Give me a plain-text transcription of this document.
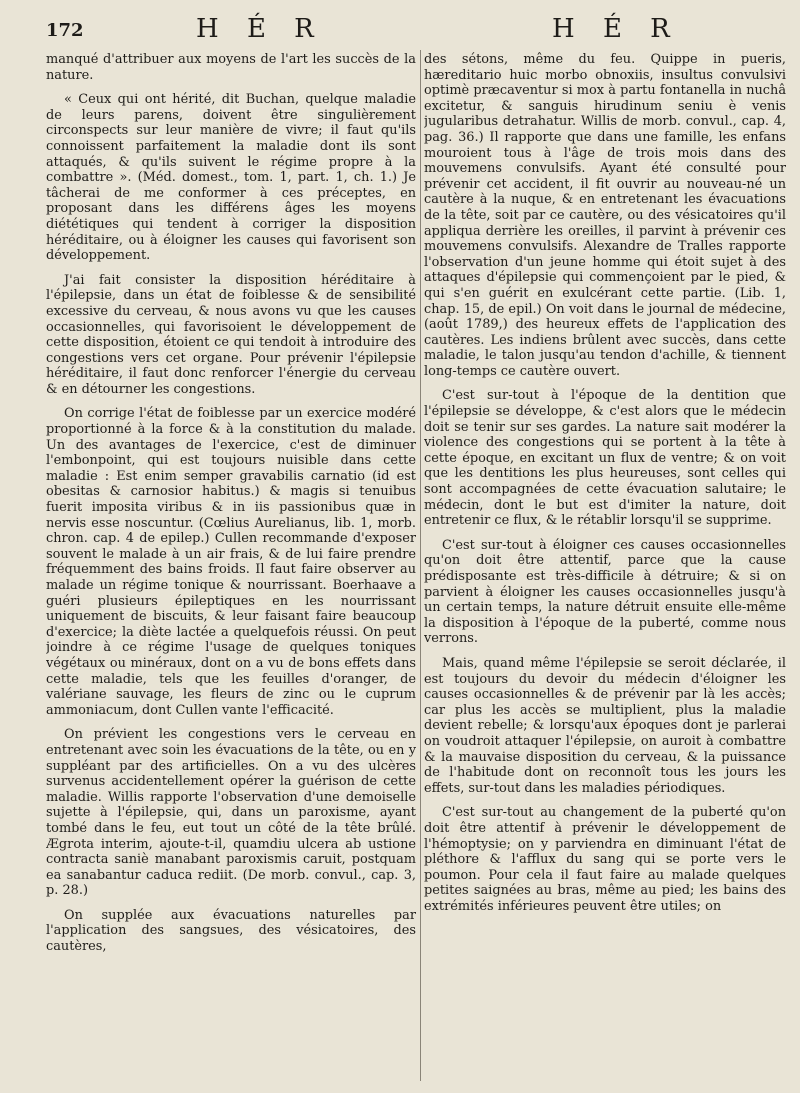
172	H É R	H É R

manqué d'attribuer aux moyens de l'art les succès de la nature.

« Ceux qui ont hérité, dit Buchan, quelque maladie de leurs parens, doivent être singulièrement circonspects sur leur manière de vivre; il faut qu'ils connoissent parfaitement la maladie dont ils sont attaqués, & qu'ils suivent le régime propre à la combattre ». (Méd. domest., tom. 1, part. 1, ch. 1.) Je tâcherai de me conformer à ces préceptes, en proposant dans les différens âges les moyens diététiques qui tendent à corriger la disposition héréditaire, ou à éloigner les causes qui favorisent son développement.

J'ai fait consister la disposition héréditaire à l'épilepsie, dans un état de foiblesse & de sensibilité excessive du cerveau, & nous avons vu que les causes occasionnelles, qui favorisoient le développement de cette disposition, étoient ce qui tendoit à introduire des congestions vers cet organe. Pour prévenir l'épilepsie héréditaire, il faut donc renforcer l'énergie du cerveau & en détourner les congestions.

On corrige l'état de foiblesse par un exercice modéré proportionné à la force & à la constitution du malade. Un des avantages de l'exercice, c'est de diminuer l'embonpoint, qui est toujours nuisible dans cette maladie : Est enim semper gravabilis carnatio (id est obesitas & carnosior habitus.) & magis si tenuibus fuerit imposita viribus & in iis passionibus quæ in nervis esse noscuntur. (Cœlius Aurelianus, lib. 1, morb. chron. cap. 4 de epilep.) Cullen recommande d'exposer souvent le malade à un air frais, & de lui faire prendre fréquemment des bains froids. Il faut faire observer au malade un régime tonique & nourrissant. Boerhaave a guéri plusieurs épileptiques en les nourrissant uniquement de biscuits, & leur faisant faire beaucoup d'exercice; la diète lactée a quelquefois réussi. On peut joindre à ce régime l'usage de quelques toniques végétaux ou minéraux, dont on a vu de bons effets dans cette maladie, tels que les feuilles d'oranger, de valériane sauvage, les fleurs de zinc ou le cuprum ammoniacum, dont Cullen vante l'efficacité.

On prévient les congestions vers le cerveau en entretenant avec soin les évacuations de la tête, ou en y suppléant par des artificielles. On a vu des ulcères survenus accidentellement opérer la guérison de cette maladie. Willis rapporte l'observation d'une demoiselle sujette à l'épilepsie, qui, dans un paroxisme, ayant tombé dans le feu, eut tout un côté de la tête brûlé. Ægrota interim, ajoute-t-il, quamdiu ulcera ab ustione contracta saniè manabant paroxismis caruit, postquam ea sanabantur caduca rediit. (De morb. convul., cap. 3, p. 28.)

On supplée aux évacuations naturelles par l'application des sangsues, des vésicatoires, des cautères,

des sétons, même du feu. Quippe in pueris, hæreditario huic morbo obnoxiis, insultus convulsivi optimè præcaventur si mox à partu fontanella in nuchâ excitetur, & sanguis hirudinum seniu è venis jugularibus detrahatur. Willis de morb. convul., cap. 4, pag. 36.) Il rapporte que dans une famille, les enfans mouroient tous à l'âge de trois mois dans des mouvemens convulsifs. Ayant été consulté pour prévenir cet accident, il fit ouvrir au nouveau-né un cautère à la nuque, & en entretenant les évacuations de la tête, soit par ce cautère, ou des vésicatoires qu'il appliqua derrière les oreilles, il parvint à prévenir ces mouvemens convulsifs. Alexandre de Tralles rapporte l'observation d'un jeune homme qui étoit sujet à des attaques d'épilepsie qui commençoient par le pied, & qui s'en guérit en exulcérant cette partie. (Lib. 1, chap. 15, de epil.) On voit dans le journal de médecine, (août 1789,) des heureux effets de l'application des cautères. Les indiens brûlent avec succès, dans cette maladie, le talon jusqu'au tendon d'achille, & tiennent long-temps ce cautère ouvert.

C'est sur-tout à l'époque de la dentition que l'épilepsie se développe, & c'est alors que le médecin doit se tenir sur ses gardes. La nature sait modérer la violence des congestions qui se portent à la tête à cette époque, en excitant un flux de ventre; & on voit que les dentitions les plus heureuses, sont celles qui sont accompagnées de cette évacuation salutaire; le médecin, dont le but est d'imiter la nature, doit entretenir ce flux, & le rétablir lorsqu'il se supprime.

C'est sur-tout à éloigner ces causes occasionnelles qu'on doit être attentif, parce que la cause prédisposante est très-difficile à détruire; & si on parvient à éloigner les causes occasionnelles jusqu'à un certain temps, la nature détruit ensuite elle-même la disposition à l'époque de la puberté, comme nous verrons.

Mais, quand même l'épilepsie se seroit déclarée, il est toujours du devoir du médecin d'éloigner les causes occasionnelles & de prévenir par là les accès; car plus les accès se multiplient, plus la maladie devient rebelle; & lorsqu'aux époques dont je parlerai on voudroit attaquer l'épilepsie, on auroit à combattre & la mauvaise disposition du cerveau, & la puissance de l'habitude dont on reconnoît tous les jours les effets, sur-tout dans les maladies périodiques.

C'est sur-tout au changement de la puberté qu'on doit être attentif à prévenir le développement de l'hémoptysie; on y parviendra en diminuant l'état de pléthore & l'afflux du sang qui se porte vers le poumon. Pour cela il faut faire au malade quelques petites saignées au bras, même au pied; les bains des extrémités inférieures peuvent être utiles; on
